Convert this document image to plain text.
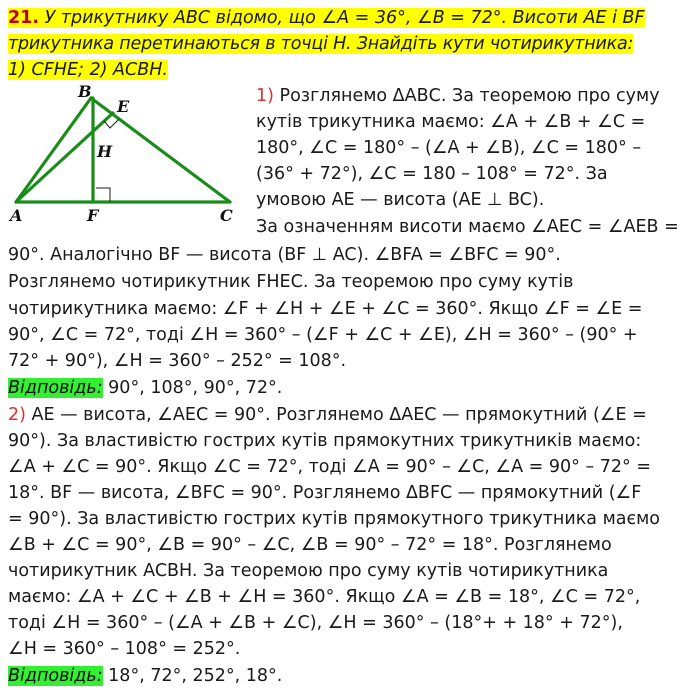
21. У трикутнику АВС відомо, що ∠A = 36°, ∠B = 72°. Висоти AE і BF
трикутника перетинаються в точці H. Знайдіть кути чотирикутника:
1) CFHE; 2) ACBH.
B
E
H
A	F	C
1) Розглянемо ΔАВС. За теоремою про суму
кутів трикутника маємо: ∠A + ∠B + ∠C =
180°, ∠C = 180° – (∠A + ∠B), ∠C = 180° –
(36° + 72°), ∠C = 180 – 108° = 72°. За
умовою AE — висота (AE ⊥ BC).
За означенням висоти маємо ∠AEC = ∠AEB =
90°. Аналогічно BF — висота (BF ⊥ AC). ∠BFA = ∠BFC = 90°.
Розглянемо чотирикутник FHEC. За теоремою про суму кутів
чотирикутника маємо: ∠F + ∠H + ∠E + ∠C = 360°. Якщо ∠F = ∠E =
90°, ∠C = 72°, тоді ∠H = 360° – (∠F + ∠C + ∠E), ∠H = 360° – (90° +
72° + 90°), ∠H = 360° – 252° = 108°.
Відповідь: 90°, 108°, 90°, 72°.
2) AE — висота, ∠AEC = 90°. Розглянемо ΔAEC — прямокутний (∠E =
90°). За властивістю гострих кутів прямокутних трикутників маємо:
∠A + ∠C = 90°. Якщо ∠C = 72°, тоді ∠A = 90° – ∠C, ∠A = 90° – 72° =
18°. BF — висота, ∠BFC = 90°. Розглянемо ΔBFC — прямокутний (∠F
= 90°). За властивістю гострих кутів прямокутного трикутника маємо
∠B + ∠C = 90°, ∠B = 90° – ∠C, ∠B = 90° – 72° = 18°. Розглянемо
чотирикутник ACBH. За теоремою про суму кутів чотирикутника
маємо: ∠A + ∠C + ∠B + ∠H = 360°. Якщо ∠A = ∠B = 18°, ∠C = 72°,
тоді ∠H = 360° – (∠A + ∠B + ∠C), ∠H = 360° – (18°+ + 18° + 72°),
∠H = 360° – 108° = 252°.
Відповідь: 18°, 72°, 252°, 18°.
